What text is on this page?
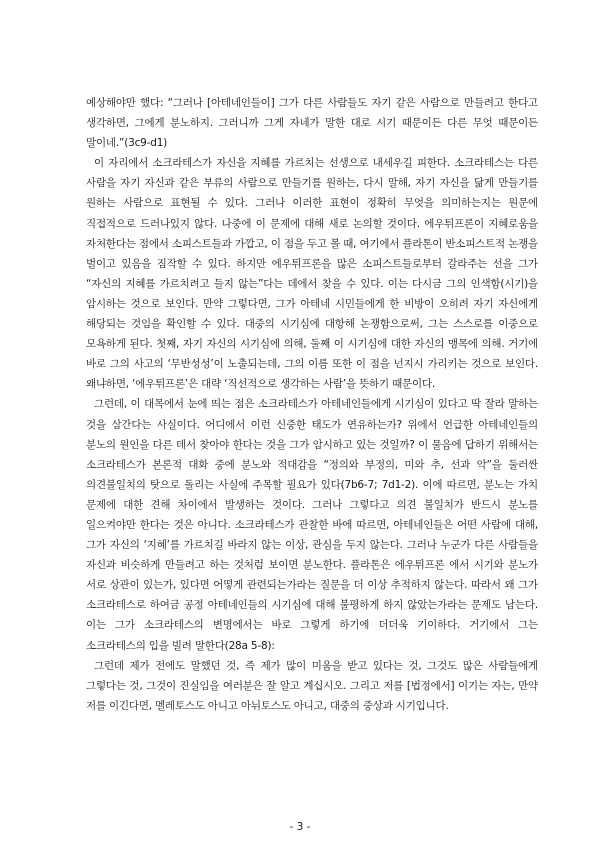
예상해야만 했다: “그러나 [아테네인들이] 그가 다른 사람들도 자기 같은 사람으로 만들려고 한다고 생각하면, 그에게 분노하지. 그러니까 그게 자네가 말한 대로 시기 때문이든 다른 무엇 때문이든 말이네.”(3c9-d1)

이 자리에서 소크라테스가 자신을 지혜를 가르치는 선생으로 내세우길 피한다. 소크라테스는 다른 사람을 자기 자신과 같은 부류의 사람으로 만들기를 원하는, 다시 말해, 자기 자신을 닮게 만들기를 원하는 사람으로 표현될 수 있다. 그러나 이러한 표현이 정확히 무엇을 의미하는지는 원문에 직접적으로 드러나있지 않다. 나중에 이 문제에 대해 새로 논의할 것이다. 에우튀프론이 지혜로움을 자처한다는 점에서 소피스트들과 가깝고, 이 점을 두고 볼 때, 여기에서 플라톤이 반소피스트적 논쟁을 벌이고 있음을 짐작할 수 있다. 하지만 에우튀프론을 많은 소피스트들로부터 갈라주는 선을 그가 “자신의 지혜를 가르치려고 들지 않는”다는 데에서 찾을 수 있다. 이는 다시금 그의 인색함(시기)을 암시하는 것으로 보인다. 만약 그렇다면, 그가 아테네 시민들에게 한 비방이 오히려 자기 자신에게 해당되는 것임을 확인할 수 있다. 대중의 시기심에 대항해 논쟁함으로써, 그는 스스로를 이중으로 모욕하게 된다. 첫째, 자기 자신의 시기심에 의해, 둘째 이 시기심에 대한 자신의 맹목에 의해. 거기에 바로 그의 사고의 ‘무반성성’이 노출되는데, 그의 이름 또한 이 점을 넌지시 가리키는 것으로 보인다. 왜냐하면, ‘에우튀프론’은 대략 ‘직선적으로 생각하는 사람’을 뜻하기 때문이다.

그런데, 이 대목에서 눈에 띄는 점은 소크라테스가 아테네인들에게 시기심이 있다고 딱 잘라 말하는 것을 삼간다는 사실이다. 어디에서 이런 신중한 태도가 연유하는가? 위에서 언급한 아테네인들의 분노의 원인을 다른 데서 찾아야 한다는 것을 그가 암시하고 있는 것일까? 이 물음에 답하기 위해서는 소크라테스가 본론적 대화 중에 분노와 적대감을 “정의와 부정의, 미와 추, 선과 악”을 둘러싼 의견불일치의 탓으로 돌리는 사실에 주목할 필요가 있다(7b6-7; 7d1-2). 이에 따르면, 분노는 가치 문제에 대한 견해 차이에서 발생하는 것이다. 그러나 그렇다고 의견 불일치가 반드시 분노를 일으켜야만 한다는 것은 아니다. 소크라테스가 관찰한 바에 따르면, 아테네인들은 어떤 사람에 대해, 그가 자신의 ‘지혜’를 가르치길 바라지 않는 이상, 관심을 두지 않는다. 그러나 누군가 다른 사람들을 자신과 비슷하게 만들려고 하는 것처럼 보이면 분노한다. 플라톤은 에우튀프론 에서 시기와 분노가 서로 상관이 있는가, 있다면 어떻게 관련되는가라는 질문을 더 이상 추적하지 않는다. 따라서 왜 그가 소크라테스로 하여금 공정 아테네인들의 시기심에 대해 불평하게 하지 않았는가라는 문제도 남는다. 이는 그가 소크라테스의 변명에서는 바로 그렇게 하기에 더더욱 기이하다. 거기에서 그는 소크라테스의 입을 빌려 말한다(28a 5-8):

그런데 제가 전에도 말했던 것, 즉 제가 많이 미움을 받고 있다는 것, 그것도 많은 사람들에게 그렇다는 것, 그것이 진실임을 여러분은 잘 알고 계십시오. 그리고 저를 [법정에서] 이기는 자는, 만약 저를 이긴다면, 멜레토스도 아니고 아뉘토스도 아니고, 대중의 중상과 시기입니다.

- 3 -
